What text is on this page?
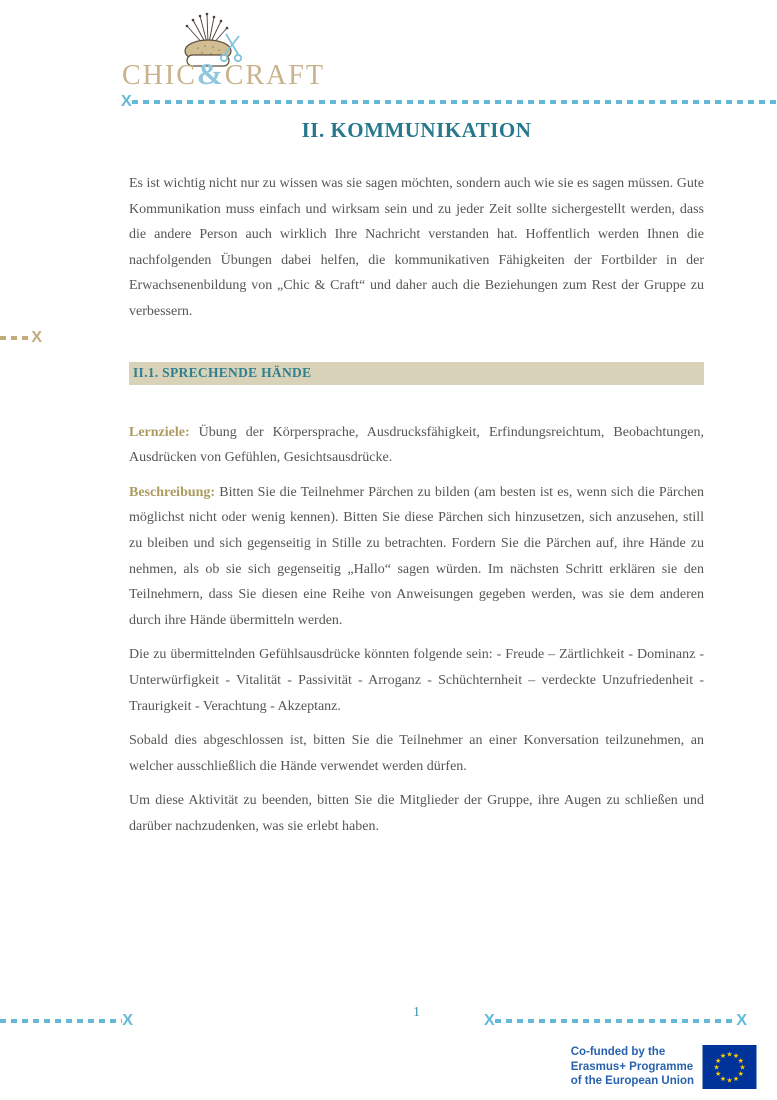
CHIC&CRAFT
X
X
II. KOMMUNIKATION

Es ist wichtig nicht nur zu wissen was sie sagen möchten, sondern auch wie sie es sagen müssen. Gute Kommunikation muss einfach und wirksam sein und zu jeder Zeit sollte sichergestellt werden, dass die andere Person auch wirklich Ihre Nachricht verstanden hat. Hoffentlich werden Ihnen die nachfolgenden Übungen dabei helfen, die kommunikativen Fähigkeiten der Fortbilder in der Erwachsenenbildung von „Chic & Craft“ und daher auch die Beziehungen zum Rest der Gruppe zu verbessern.

II.1. SPRECHENDE HÄNDE

Lernziele: Übung der Körpersprache, Ausdrucksfähigkeit, Erfindungsreichtum, Beobachtungen, Ausdrücken von Gefühlen, Gesichtsausdrücke.

Beschreibung: Bitten Sie die Teilnehmer Pärchen zu bilden (am besten ist es, wenn sich die Pärchen möglichst nicht oder wenig kennen). Bitten Sie diese Pärchen sich hinzusetzen, sich anzusehen, still zu bleiben und sich gegenseitig in Stille zu betrachten. Fordern Sie die Pärchen auf, ihre Hände zu nehmen, als ob sie sich gegenseitig „Hallo“ sagen würden. Im nächsten Schritt erklären sie den Teilnehmern, dass Sie diesen eine Reihe von Anweisungen gegeben werden, was sie dem anderen durch ihre Hände übermitteln werden.

Die zu übermittelnden Gefühlsausdrücke könnten folgende sein: - Freude – Zärtlichkeit - Dominanz - Unterwürfigkeit - Vitalität - Passivität - Arroganz - Schüchternheit – verdeckte Unzufriedenheit - Traurigkeit - Verachtung - Akzeptanz.

Sobald dies abgeschlossen ist, bitten Sie die Teilnehmer an einer Konversation teilzunehmen, an welcher ausschließlich die Hände verwendet werden dürfen.

Um diese Aktivität zu beenden, bitten Sie die Mitglieder der Gruppe, ihre Augen zu schließen und darüber nachzudenken, was sie erlebt haben.

X	1	X	X
Co-funded by the
Erasmus+ Programme
of the European Union
★ ★
★
★
★
★
★
★
★
★
★
★
